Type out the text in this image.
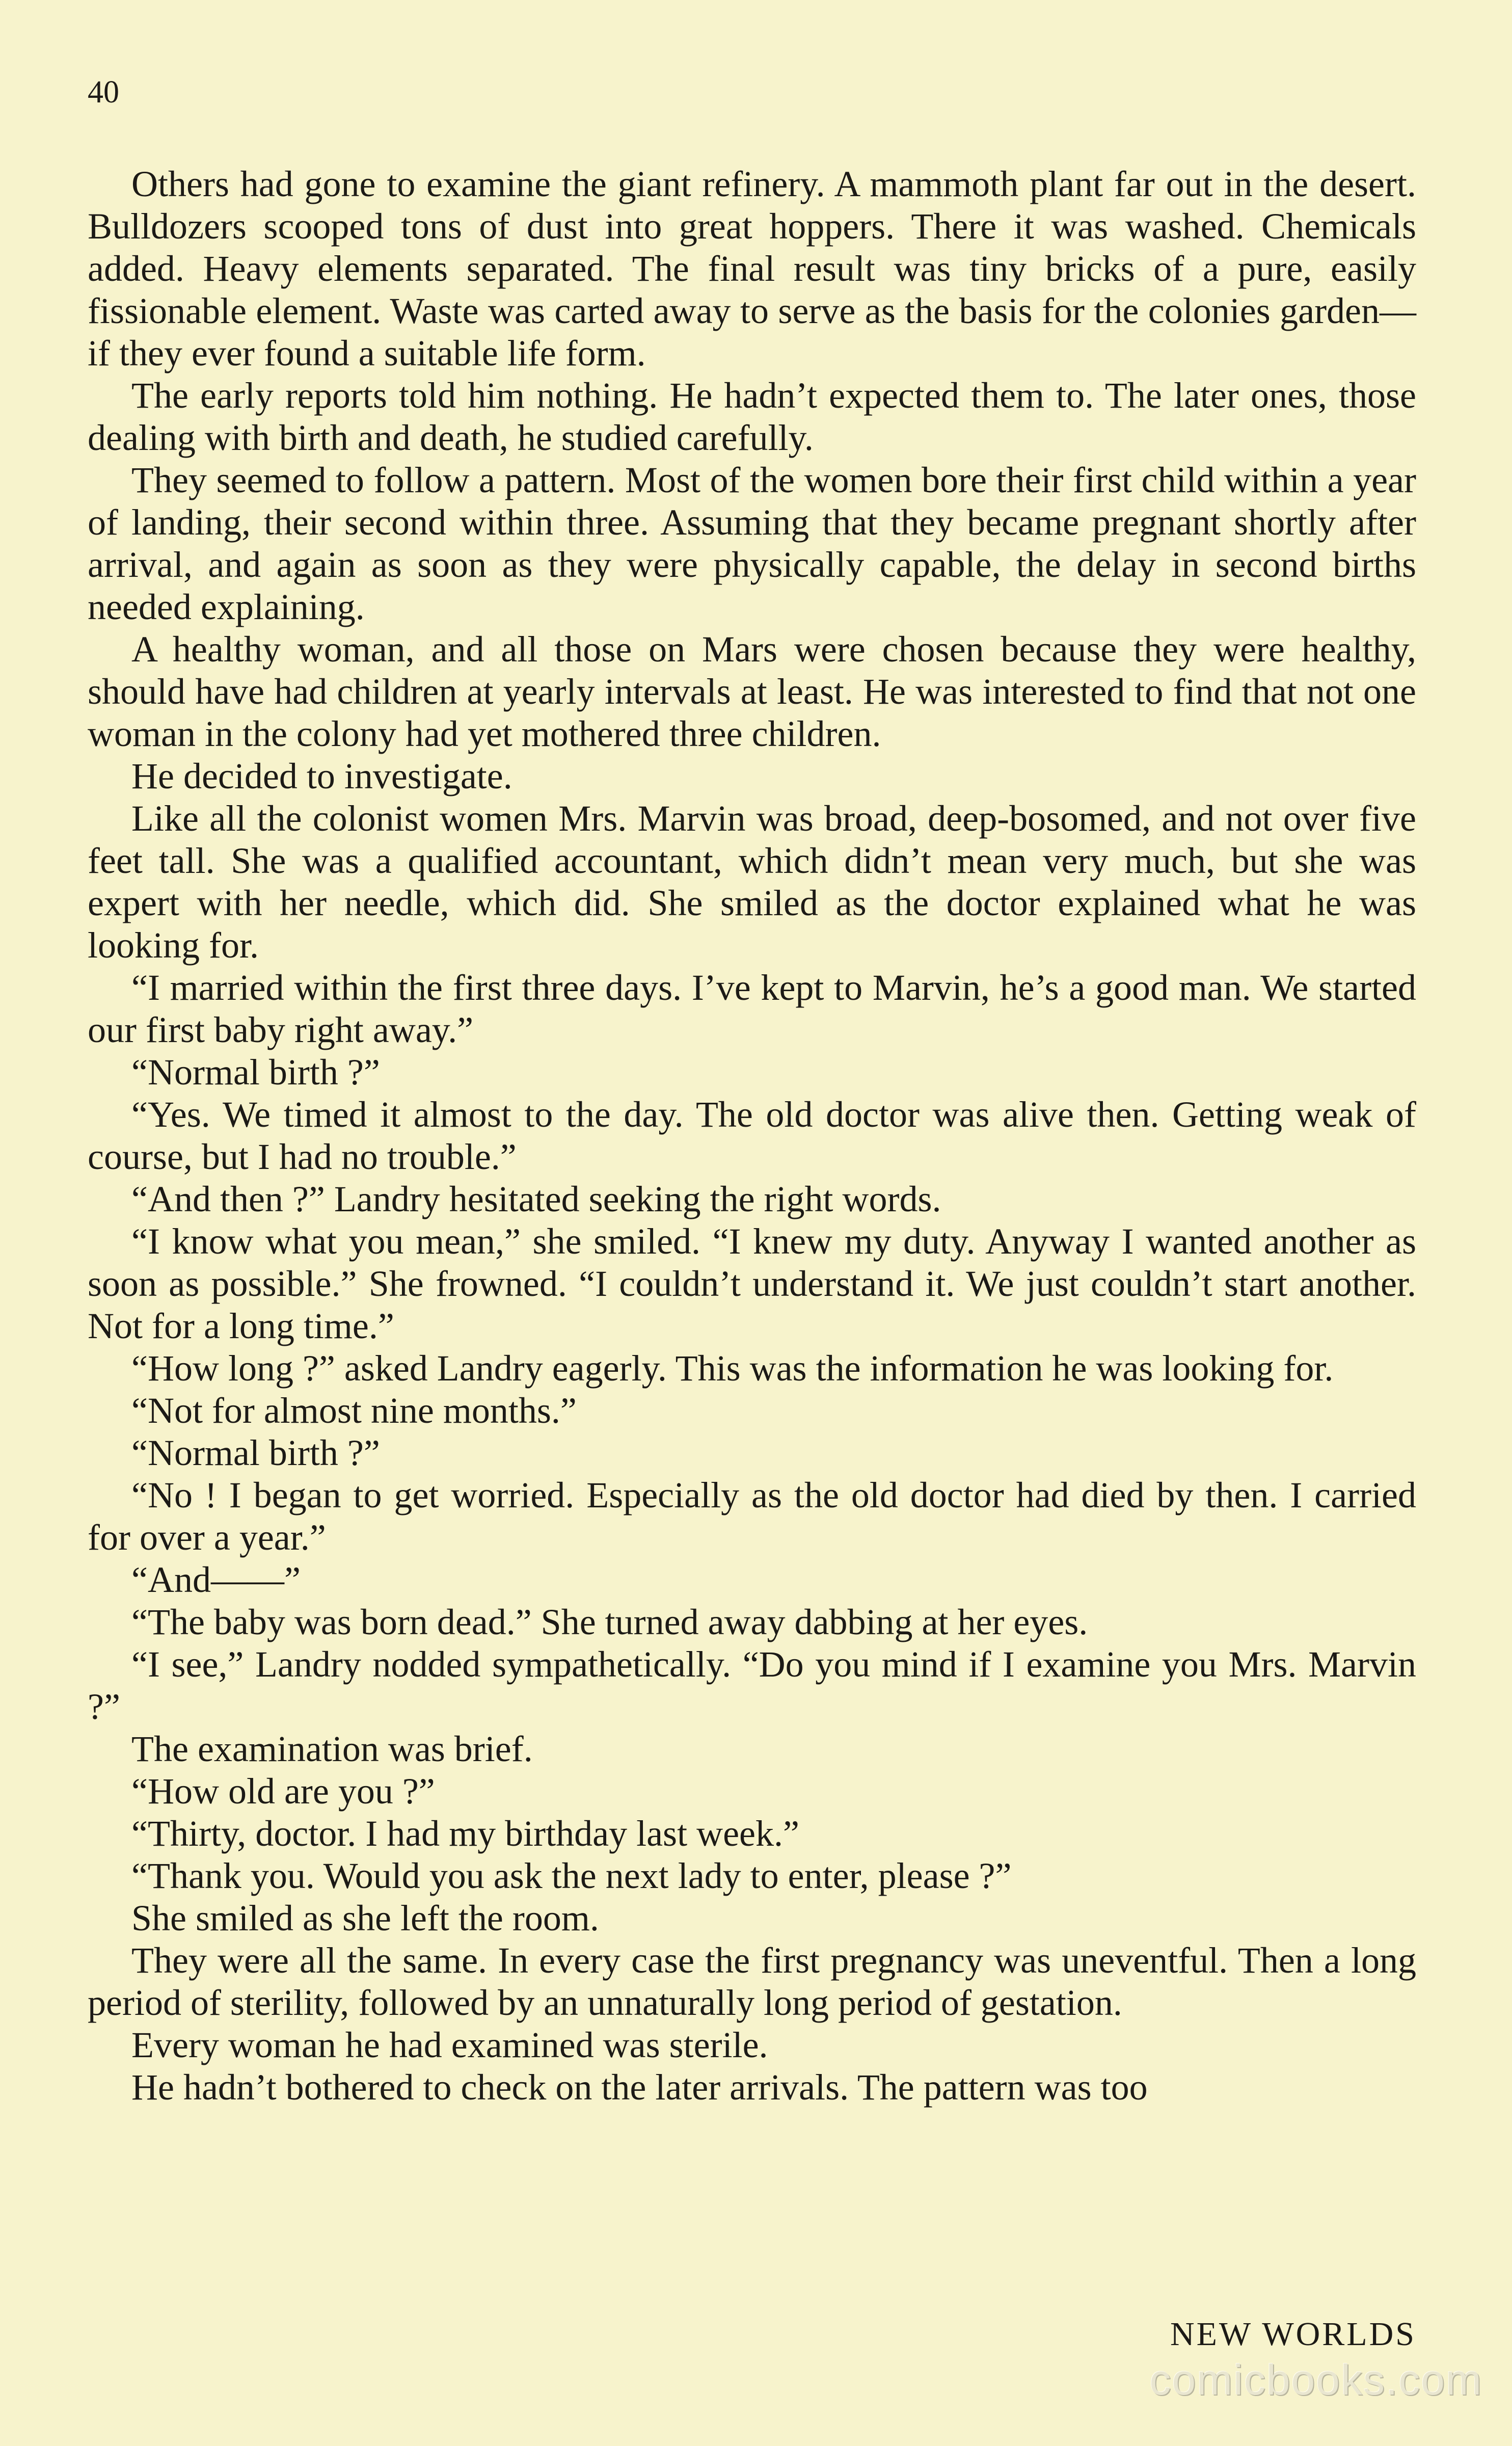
40

Others had gone to examine the giant refinery. A mammoth plant far out in the desert. Bulldozers scooped tons of dust into great hoppers. There it was washed. Chemicals added. Heavy elements separated. The final result was tiny bricks of a pure, easily fissionable element. Waste was carted away to serve as the basis for the colonies garden—if they ever found a suitable life form.

The early reports told him nothing. He hadn’t expected them to. The later ones, those dealing with birth and death, he studied carefully.

They seemed to follow a pattern. Most of the women bore their first child within a year of landing, their second within three. Assuming that they became pregnant shortly after arrival, and again as soon as they were physically capable, the delay in second births needed explaining.

A healthy woman, and all those on Mars were chosen because they were healthy, should have had children at yearly intervals at least. He was interested to find that not one woman in the colony had yet mothered three children.

He decided to investigate.

Like all the colonist women Mrs. Marvin was broad, deep-bosomed, and not over five feet tall. She was a qualified accountant, which didn’t mean very much, but she was expert with her needle, which did. She smiled as the doctor explained what he was looking for.

“I married within the first three days. I’ve kept to Marvin, he’s a good man. We started our first baby right away.”

“Normal birth ?”

“Yes. We timed it almost to the day. The old doctor was alive then. Getting weak of course, but I had no trouble.”

“And then ?” Landry hesitated seeking the right words.

“I know what you mean,” she smiled. “I knew my duty. Anyway I wanted another as soon as possible.” She frowned. “I couldn’t understand it. We just couldn’t start another. Not for a long time.”

“How long ?” asked Landry eagerly. This was the information he was looking for.

“Not for almost nine months.”

“Normal birth ?”

“No ! I began to get worried. Especially as the old doctor had died by then. I carried for over a year.”

“And——”

“The baby was born dead.” She turned away dabbing at her eyes.

“I see,” Landry nodded sympathetically. “Do you mind if I examine you Mrs. Marvin ?”

The examination was brief.

“How old are you ?”

“Thirty, doctor. I had my birthday last week.”

“Thank you. Would you ask the next lady to enter, please ?”

She smiled as she left the room.

They were all the same. In every case the first pregnancy was uneventful. Then a long period of sterility, followed by an unnaturally long period of gestation.

Every woman he had examined was sterile.

He hadn’t bothered to check on the later arrivals. The pattern was too

NEW WORLDS
comicbooks.com
